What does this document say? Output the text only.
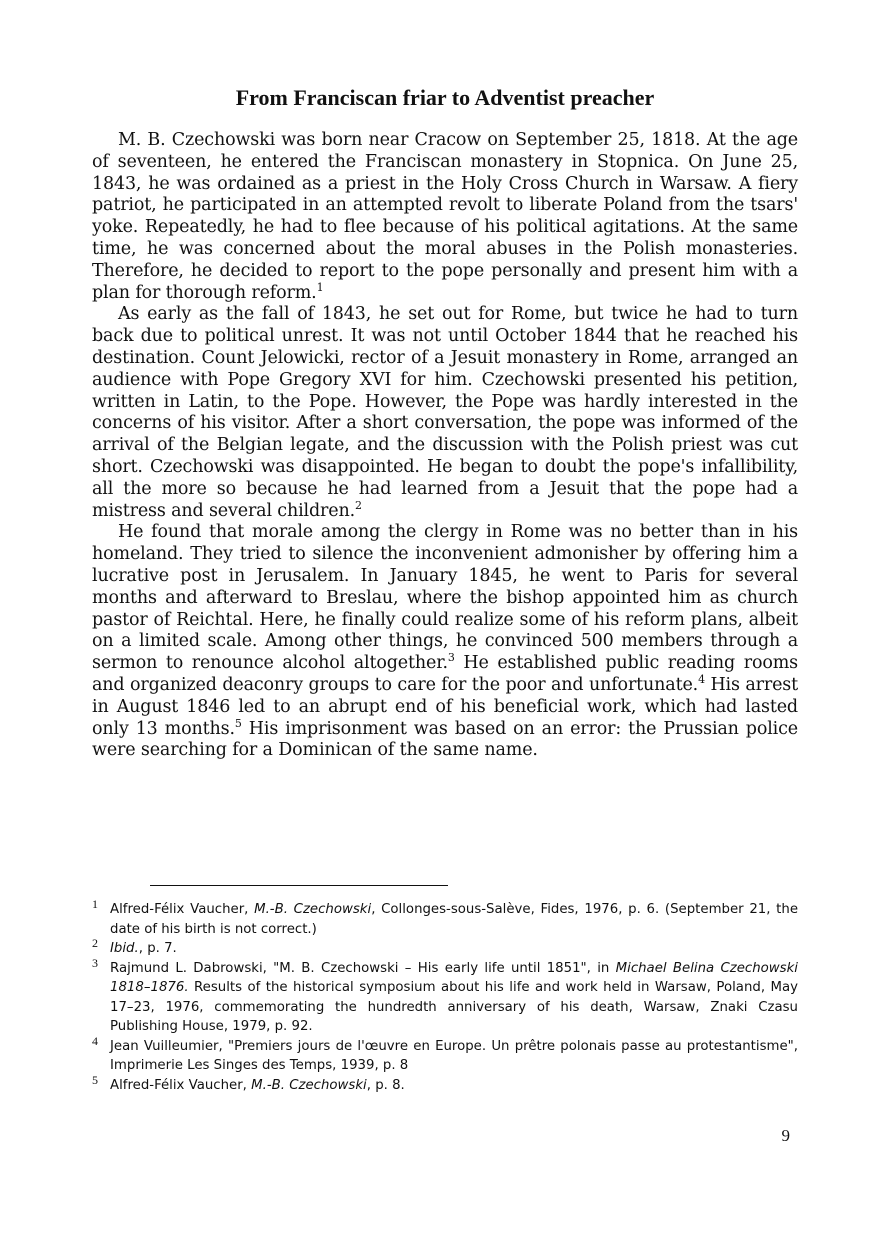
From Franciscan friar to Adventist preacher

M. B. Czechowski was born near Cracow on September 25, 1818. At the age of seventeen, he entered the Franciscan monastery in Stopnica. On June 25, 1843, he was ordained as a priest in the Holy Cross Church in Warsaw. A fiery patriot, he participated in an attempted revolt to liberate Poland from the tsars' yoke. Repeatedly, he had to flee because of his political agitations. At the same time, he was concerned about the moral abuses in the Polish monasteries. Therefore, he decided to report to the pope personally and present him with a plan for thorough reform.$^1$

As early as the fall of 1843, he set out for Rome, but twice he had to turn back due to political unrest. It was not until October 1844 that he reached his destination. Count Jelowicki, rector of a Jesuit monastery in Rome, arranged an audience with Pope Gregory XVI for him. Czechowski presented his petition, written in Latin, to the Pope. However, the Pope was hardly interested in the concerns of his visitor. After a short conversation, the pope was informed of the arrival of the Belgian legate, and the discussion with the Polish priest was cut short. Czechowski was disappointed. He began to doubt the pope's infallibility, all the more so because he had learned from a Jesuit that the pope had a mistress and several children.$^2$

He found that morale among the clergy in Rome was no better than in his homeland. They tried to silence the inconvenient admonisher by offering him a lucrative post in Jerusalem. In January 1845, he went to Paris for several months and afterward to Breslau, where the bishop appointed him as church pastor of Reichtal. Here, he finally could realize some of his reform plans, albeit on a limited scale. Among other things, he convinced 500 members through a sermon to renounce alcohol altogether.$^3$ He established public reading rooms and organized deaconry groups to care for the poor and unfortunate.$^4$ His arrest in August 1846 led to an abrupt end of his beneficial work, which had lasted only 13 months.$^5$ His imprisonment was based on an error: the Prussian police were searching for a Dominican of the same name.

1 Alfred-Félix Vaucher, M.-B. Czechowski, Collonges-sous-Salève, Fides, 1976, p. 6. (September 21, the date of his birth is not correct.)
2 Ibid., p. 7.
3 Rajmund L. Dabrowski, "M. B. Czechowski – His early life until 1851", in Michael Belina Czechowski 1818–1876. Results of the historical symposium about his life and work held in Warsaw, Poland, May 17–23, 1976, commemorating the hundredth anniversary of his death, Warsaw, Znaki Czasu Publishing House, 1979, p. 92.
4 Jean Vuilleumier, "Premiers jours de l'œuvre en Europe. Un prêtre polonais passe au protestantisme", Imprimerie Les Singes des Temps, 1939, p. 8
5 Alfred-Félix Vaucher, M.-B. Czechowski, p. 8.
9
